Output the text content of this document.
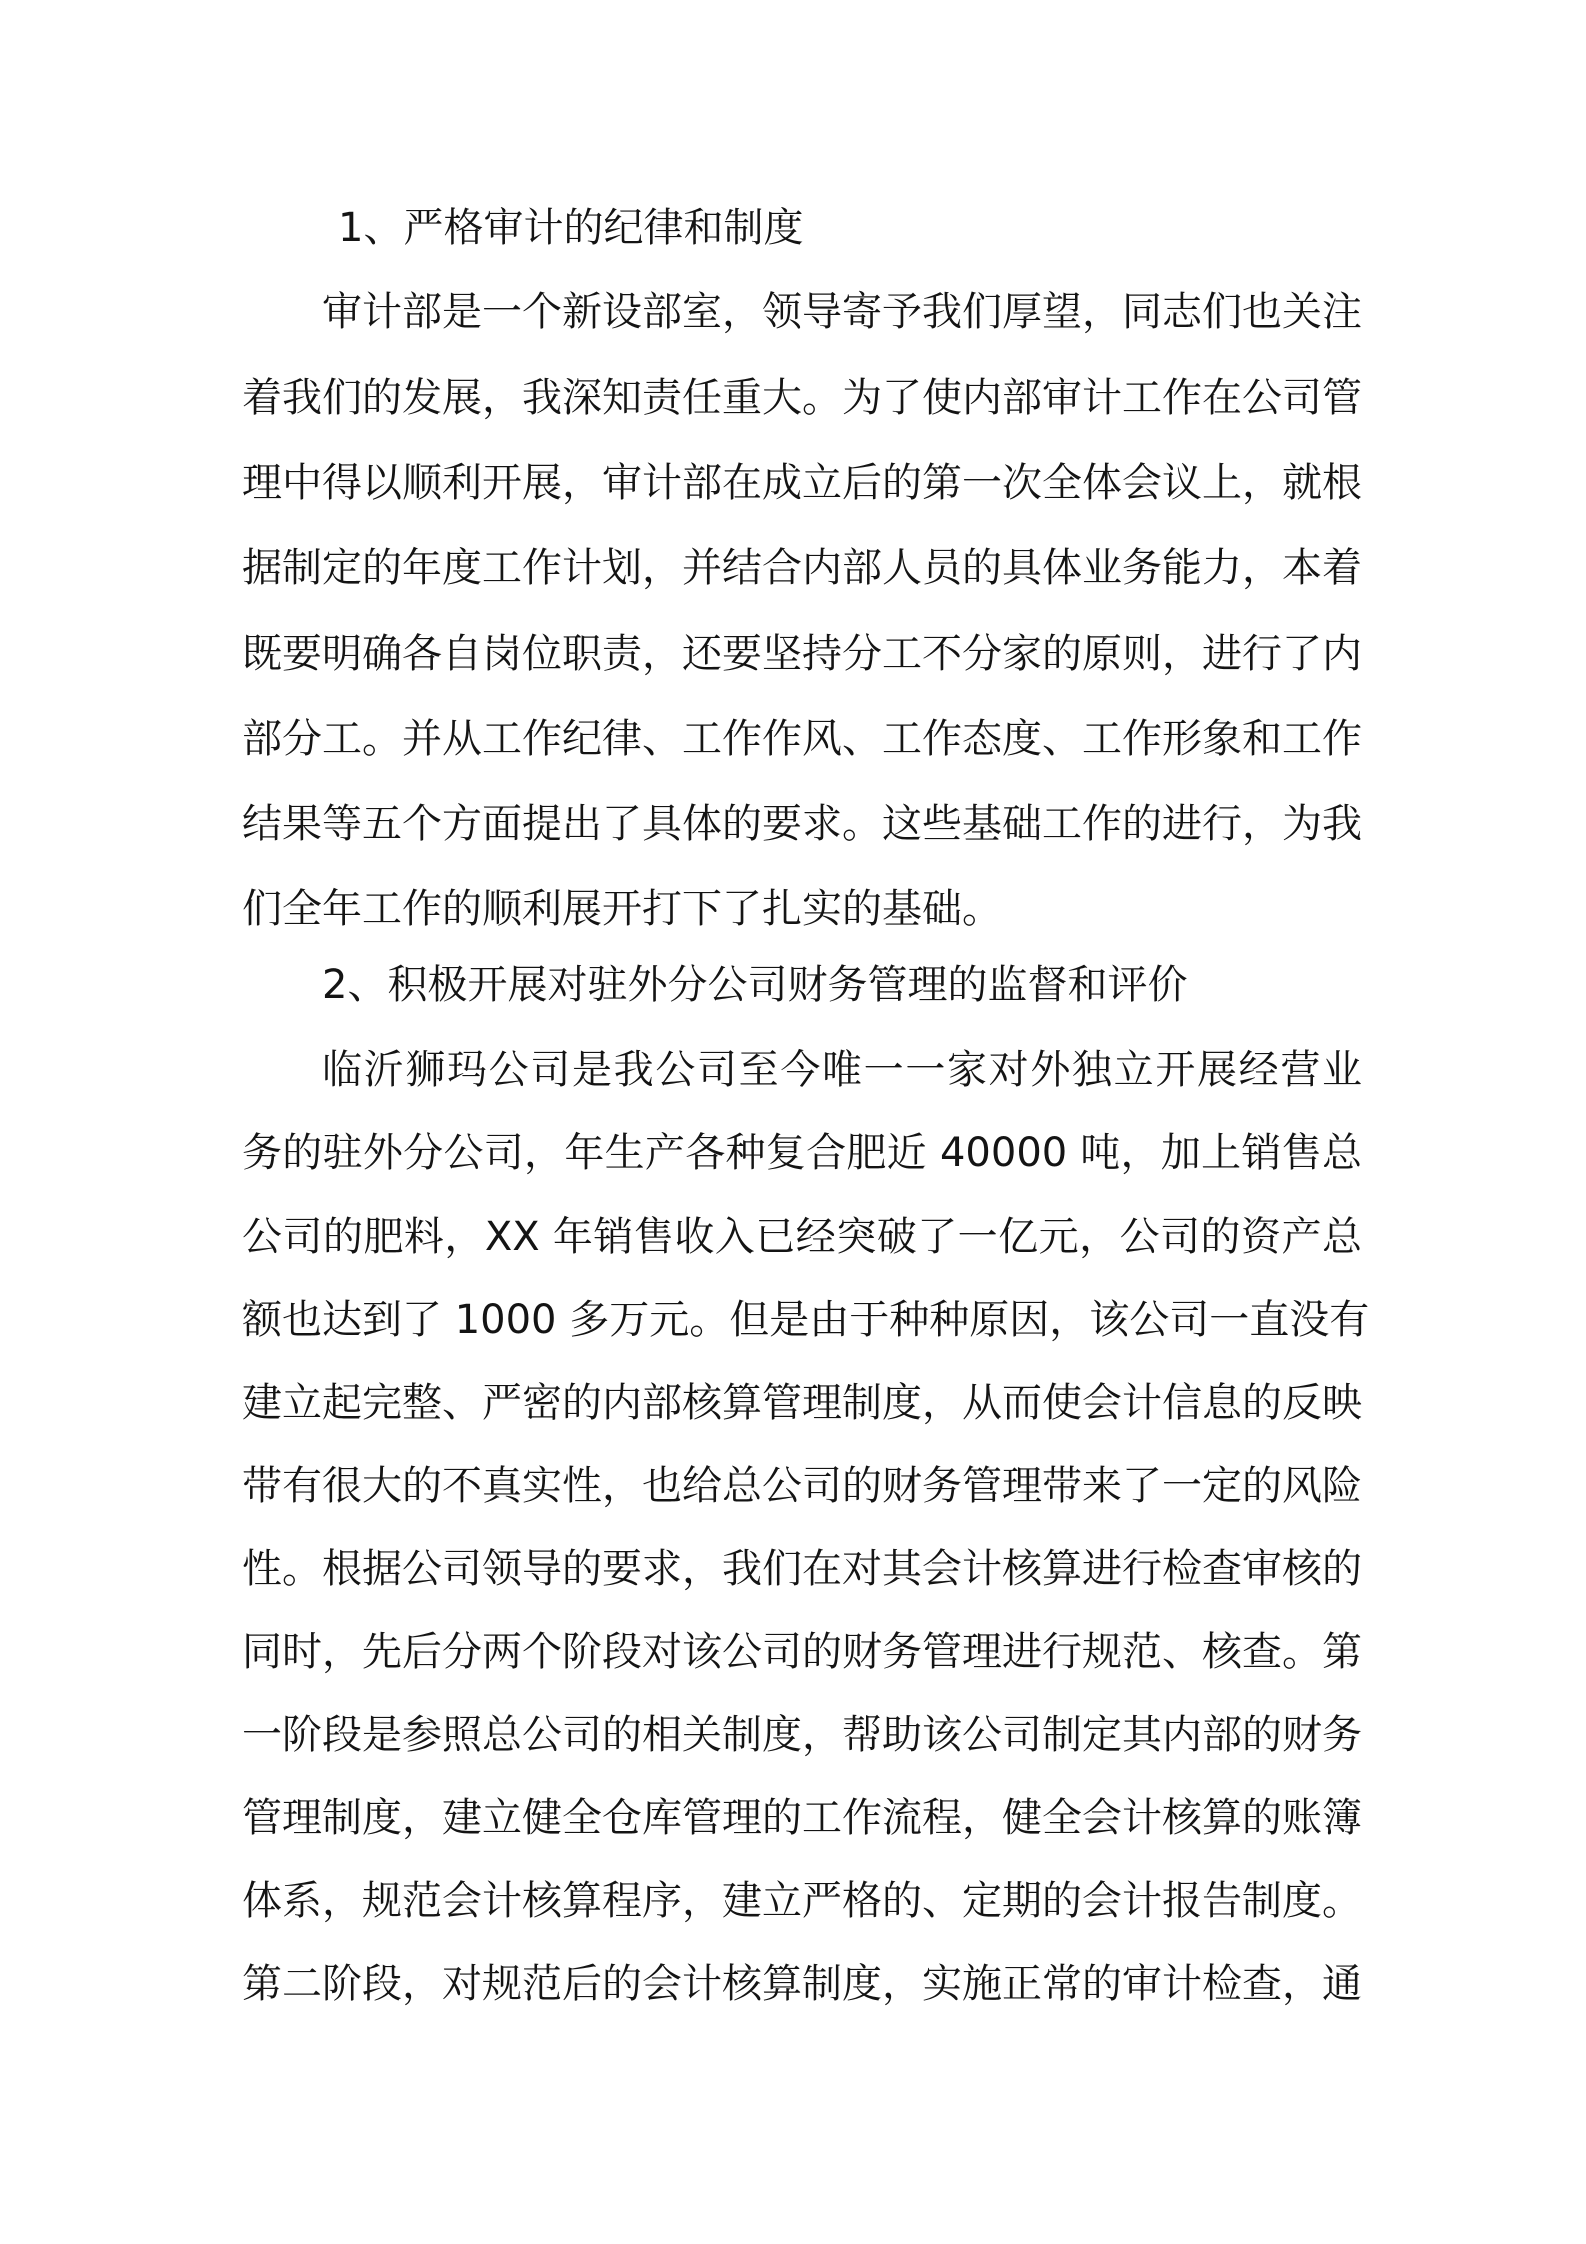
1、严格审计的纪律和制度
审计部是一个新设部室，领导寄予我们厚望，同志们也关注
着我们的发展，我深知责任重大。为了使内部审计工作在公司管
理中得以顺利开展，审计部在成立后的第一次全体会议上，就根
据制定的年度工作计划，并结合内部人员的具体业务能力，本着
既要明确各自岗位职责，还要坚持分工不分家的原则，进行了内
部分工。并从工作纪律、工作作风、工作态度、工作形象和工作
结果等五个方面提出了具体的要求。这些基础工作的进行，为我
们全年工作的顺利展开打下了扎实的基础。
2、积极开展对驻外分公司财务管理的监督和评价
临沂狮玛公司是我公司至今唯一一家对外独立开展经营业
务的驻外分公司，年生产各种复合肥近 40000 吨，加上销售总
公司的肥料，XX 年销售收入已经突破了一亿元，公司的资产总
额也达到了 1000 多万元。但是由于种种原因，该公司一直没有
建立起完整、严密的内部核算管理制度，从而使会计信息的反映
带有很大的不真实性，也给总公司的财务管理带来了一定的风险
性。根据公司领导的要求，我们在对其会计核算进行检查审核的
同时，先后分两个阶段对该公司的财务管理进行规范、核查。第
一阶段是参照总公司的相关制度，帮助该公司制定其内部的财务
管理制度，建立健全仓库管理的工作流程，健全会计核算的账簿
体系，规范会计核算程序，建立严格的、定期的会计报告制度。
第二阶段，对规范后的会计核算制度，实施正常的审计检查，通
